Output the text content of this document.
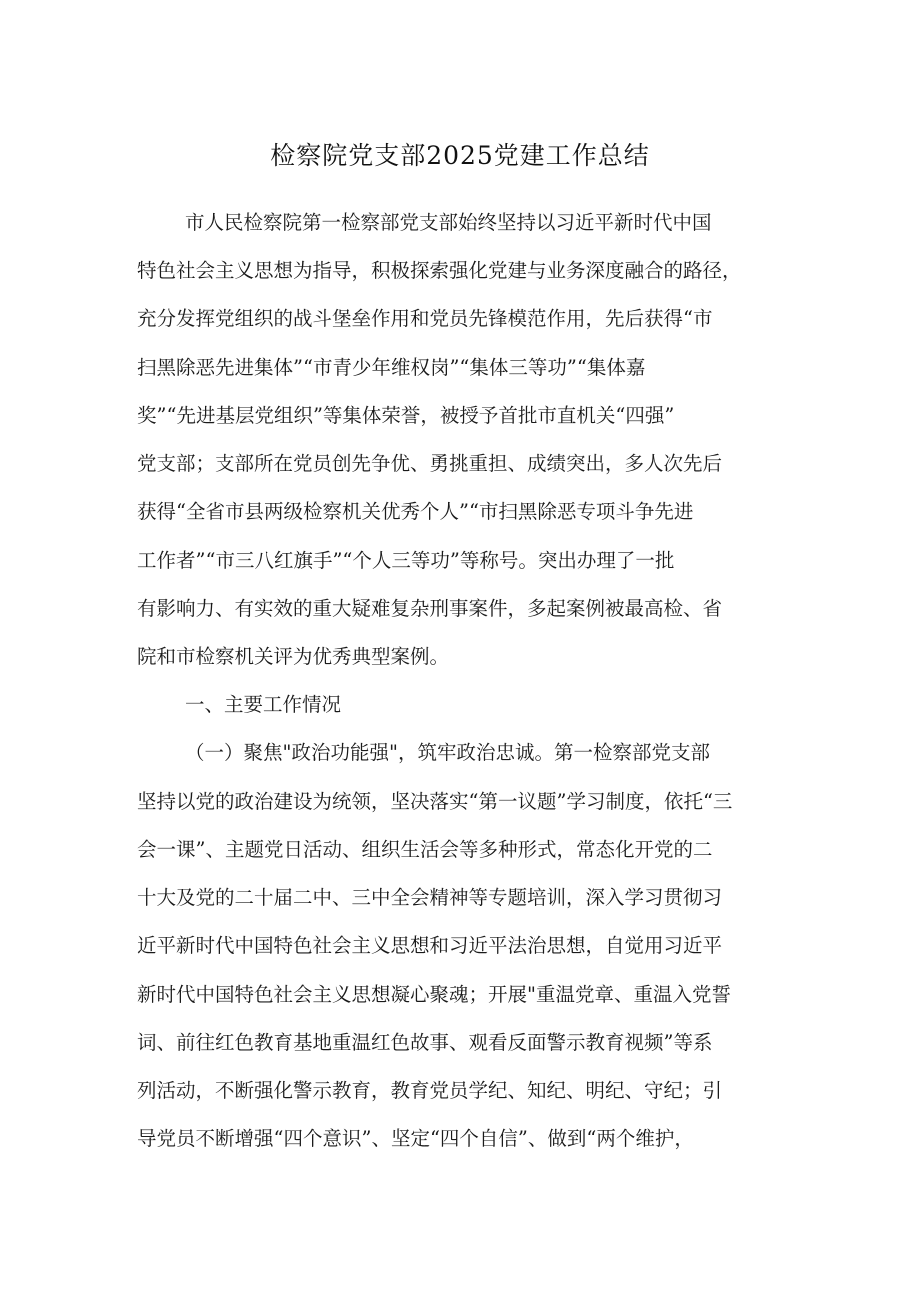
检察院党支部2025党建工作总结
市人民检察院第一检察部党支部始终坚持以习近平新时代中国
特色社会主义思想为指导，积极探索强化党建与业务深度融合的路径，
充分发挥党组织的战斗堡垒作用和党员先锋模范作用，先后获得“市
扫黑除恶先进集体”“市青少年维权岗”“集体三等功”“集体嘉
奖”“先进基层党组织”等集体荣誉，被授予首批市直机关“四强”
党支部；支部所在党员创先争优、勇挑重担、成绩突出，多人次先后
获得“全省市县两级检察机关优秀个人”“市扫黑除恶专项斗争先进
工作者”“市三八红旗手”“个人三等功”等称号。突出办理了一批
有影响力、有实效的重大疑难复杂刑事案件，多起案例被最高检、省
院和市检察机关评为优秀典型案例。
一、主要工作情况
（一）聚焦"政治功能强"，筑牢政治忠诚。第一检察部党支部
坚持以党的政治建设为统领，坚决落实“第一议题”学习制度，依托“三
会一课”、主题党日活动、组织生活会等多种形式，常态化开党的二
十大及党的二十届二中、三中全会精神等专题培训，深入学习贯彻习
近平新时代中国特色社会主义思想和习近平法治思想，自觉用习近平
新时代中国特色社会主义思想凝心聚魂；开展"重温党章、重温入党誓
词、前往红色教育基地重温红色故事、观看反面警示教育视频”等系
列活动，不断强化警示教育，教育党员学纪、知纪、明纪、守纪；引
导党员不断增强“四个意识”、坚定“四个自信”、做到“两个维护，
